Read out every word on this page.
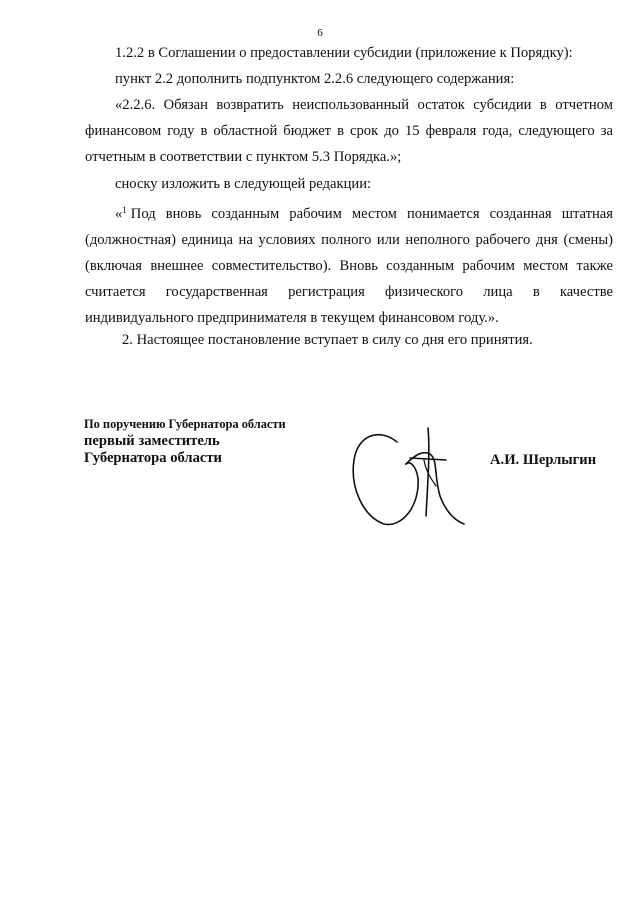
6

1.2.2 в Соглашении о предоставлении субсидии (приложение к Порядку):

пункт 2.2 дополнить подпунктом 2.2.6 следующего содержания:

«2.2.6. Обязан возвратить неиспользованный остаток субсидии в отчетном финансовом году в областной бюджет в срок до 15 февраля года, следующего за отчетным в соответствии с пунктом 5.3 Порядка.»;

сноску изложить в следующей редакции:

«$^1$ Под вновь созданным рабочим местом понимается созданная штатная (должностная) единица на условиях полного или неполного рабочего дня (смены) (включая внешнее совместительство). Вновь созданным рабочим местом также считается государственная регистрация физического лица в качестве индивидуального предпринимателя в текущем финансовом году.».

2. Настоящее постановление вступает в силу со дня его принятия.

По поручению Губернатора области
первый заместитель
Губернатора области	А.И. Шерлыгин
